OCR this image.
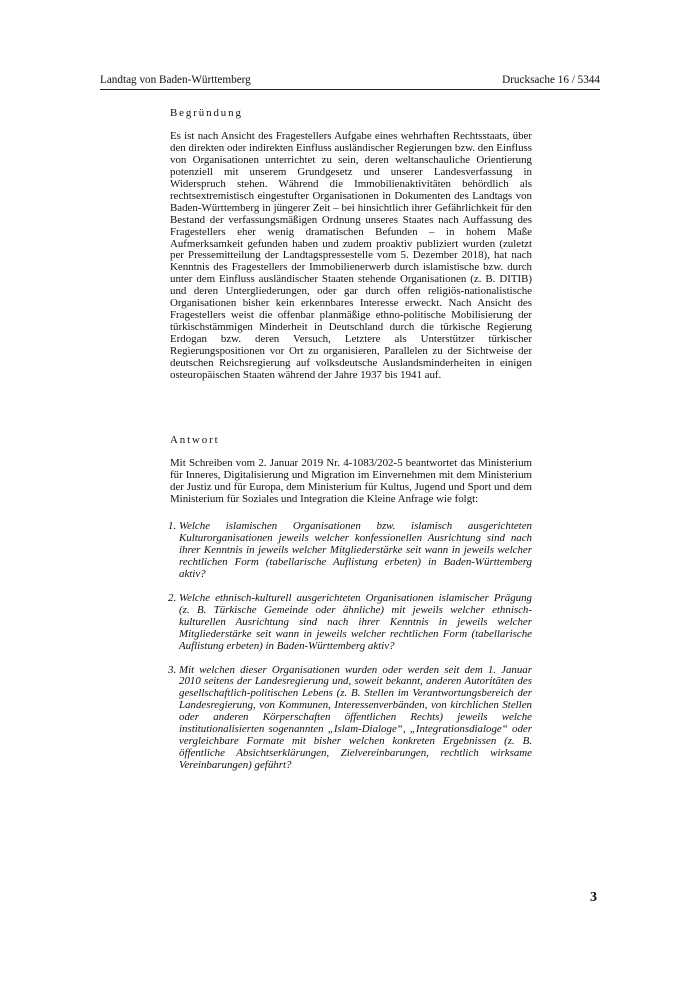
Landtag von Baden-Württemberg	Drucksache 16 / 5344
Begründung

Es ist nach Ansicht des Fragestellers Aufgabe eines wehrhaften Rechtsstaats, über den direkten oder indirekten Einfluss ausländischer Regierungen bzw. den Einfluss von Organisationen unterrichtet zu sein, deren weltanschauliche Orientierung potenziell mit unserem Grundgesetz und unserer Landesverfassung in Widerspruch stehen. Während die Immobilienaktivitäten behördlich als rechtsextremistisch eingestufter Organisationen in Dokumenten des Landtags von Baden-Württemberg in jüngerer Zeit – bei hinsichtlich ihrer Gefährlichkeit für den Bestand der verfassungsmäßigen Ordnung unseres Staates nach Auffassung des Fragestellers eher wenig dramatischen Befunden – in hohem Maße Aufmerksamkeit gefunden haben und zudem proaktiv publiziert wurden (zuletzt per Pressemitteilung der Landtagspressestelle vom 5. Dezember 2018), hat nach Kenntnis des Fragestellers der Immobilienerwerb durch islamistische bzw. durch unter dem Einfluss ausländischer Staaten stehende Organisationen (z. B. DITIB) und deren Untergliederungen, oder gar durch offen religiös-nationalistische Organisationen bisher kein erkennbares Interesse erweckt. Nach Ansicht des Fragestellers weist die offenbar planmäßige ethno-politische Mobilisierung der türkischstämmigen Minderheit in Deutschland durch die türkische Regierung Erdogan bzw. deren Versuch, Letztere als Unterstützer türkischer Regierungspositionen vor Ort zu organisieren, Parallelen zu der Sichtweise der deutschen Reichsregierung auf volksdeutsche Auslandsminderheiten in einigen osteuropäischen Staaten während der Jahre 1937 bis 1941 auf.

Antwort

Mit Schreiben vom 2. Januar 2019 Nr. 4-1083/202-5 beantwortet das Ministerium für Inneres, Digitalisierung und Migration im Einvernehmen mit dem Ministerium der Justiz und für Europa, dem Ministerium für Kultus, Jugend und Sport und dem Ministerium für Soziales und Integration die Kleine Anfrage wie folgt:

1. Welche islamischen Organisationen bzw. islamisch ausgerichteten Kulturorganisationen jeweils welcher konfessionellen Ausrichtung sind nach ihrer Kenntnis in jeweils welcher Mitgliederstärke seit wann in jeweils welcher rechtlichen Form (tabellarische Auflistung erbeten) in Baden-Württemberg aktiv?
2. Welche ethnisch-kulturell ausgerichteten Organisationen islamischer Prägung (z. B. Türkische Gemeinde oder ähnliche) mit jeweils welcher ethnisch-kulturellen Ausrichtung sind nach ihrer Kenntnis in jeweils welcher Mitgliederstärke seit wann in jeweils welcher rechtlichen Form (tabellarische Auflistung erbeten) in Baden-Württemberg aktiv?
3. Mit welchen dieser Organisationen wurden oder werden seit dem 1. Januar 2010 seitens der Landesregierung und, soweit bekannt, anderen Autoritäten des gesellschaftlich-politischen Lebens (z. B. Stellen im Verantwortungsbereich der Landesregierung, von Kommunen, Interessenverbänden, von kirchlichen Stellen oder anderen Körperschaften öffentlichen Rechts) jeweils welche institutionalisierten sogenannten „Islam-Dialoge“, „Integrationsdialoge“ oder vergleichbare Formate mit bisher welchen konkreten Ergebnissen (z. B. öffentliche Absichtserklärungen, Zielvereinbarungen, rechtlich wirksame Vereinbarungen) geführt?
3
